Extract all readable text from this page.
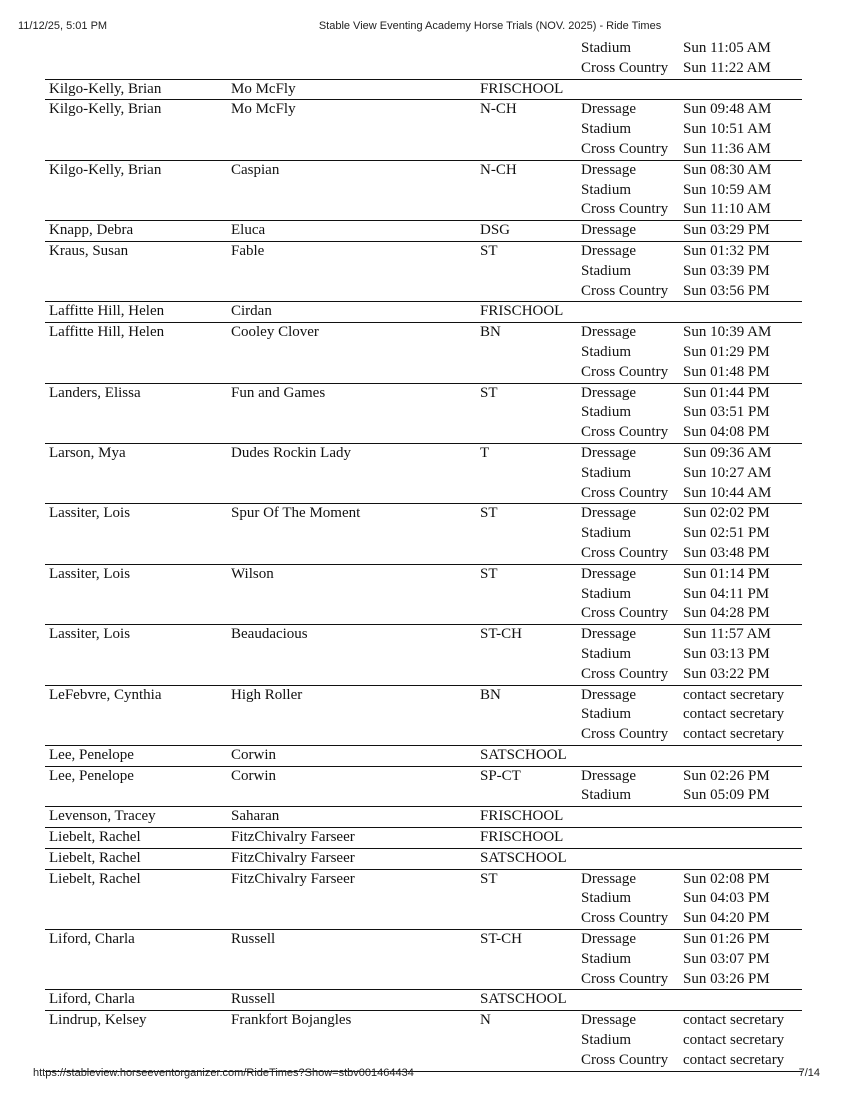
11/12/25, 5:01 PM	Stable View Eventing Academy Horse Trials (NOV. 2025) - Ride Times
Stadium	Sun 11:05 AM
Cross Country Sun 11:22 AM
Kilgo-Kelly, Brian	Mo McFly	FRISCHOOL
Kilgo-Kelly, Brian	Mo McFly	N-CH	Dressage	Sun 09:48 AM
Stadium	Sun 10:51 AM
Cross Country Sun 11:36 AM
Kilgo-Kelly, Brian	Caspian	N-CH	Dressage	Sun 08:30 AM
Stadium	Sun 10:59 AM
Cross Country Sun 11:10 AM
Knapp, Debra	Eluca	DSG	Dressage	Sun 03:29 PM
Kraus, Susan	Fable	ST	Dressage	Sun 01:32 PM
Stadium	Sun 03:39 PM
Cross Country Sun 03:56 PM
Laffitte Hill, Helen	Cirdan	FRISCHOOL
Laffitte Hill, Helen	Cooley Clover	BN	Dressage	Sun 10:39 AM
Stadium	Sun 01:29 PM
Cross Country Sun 01:48 PM
Landers, Elissa	Fun and Games	ST	Dressage	Sun 01:44 PM
Stadium	Sun 03:51 PM
Cross Country Sun 04:08 PM
Larson, Mya	Dudes Rockin Lady	T	Dressage	Sun 09:36 AM
Stadium	Sun 10:27 AM
Cross Country Sun 10:44 AM
Lassiter, Lois	Spur Of The Moment	ST	Dressage	Sun 02:02 PM
Stadium	Sun 02:51 PM
Cross Country Sun 03:48 PM
Lassiter, Lois	Wilson	ST	Dressage	Sun 01:14 PM
Stadium	Sun 04:11 PM
Cross Country Sun 04:28 PM
Lassiter, Lois	Beaudacious	ST-CH	Dressage	Sun 11:57 AM
Stadium	Sun 03:13 PM
Cross Country Sun 03:22 PM
LeFebvre, Cynthia	High Roller	BN	Dressage	contact secretary
Stadium	contact secretary
Cross Country contact secretary
Lee, Penelope	Corwin	SATSCHOOL
Lee, Penelope	Corwin	SP-CT	Dressage	Sun 02:26 PM
Stadium	Sun 05:09 PM
Levenson, Tracey	Saharan	FRISCHOOL
Liebelt, Rachel	FitzChivalry Farseer	FRISCHOOL
Liebelt, Rachel	FitzChivalry Farseer	SATSCHOOL
Liebelt, Rachel	FitzChivalry Farseer	ST	Dressage	Sun 02:08 PM
Stadium	Sun 04:03 PM
Cross Country Sun 04:20 PM
Liford, Charla	Russell	ST-CH	Dressage	Sun 01:26 PM
Stadium	Sun 03:07 PM
Cross Country Sun 03:26 PM
Liford, Charla	Russell	SATSCHOOL
Lindrup, Kelsey	Frankfort Bojangles	N	Dressage	contact secretary
Stadium	contact secretary
Cross Country contact secretary
https://stableview.horseeventorganizer.com/RideTimes?Show=stbv001464434	7/14
